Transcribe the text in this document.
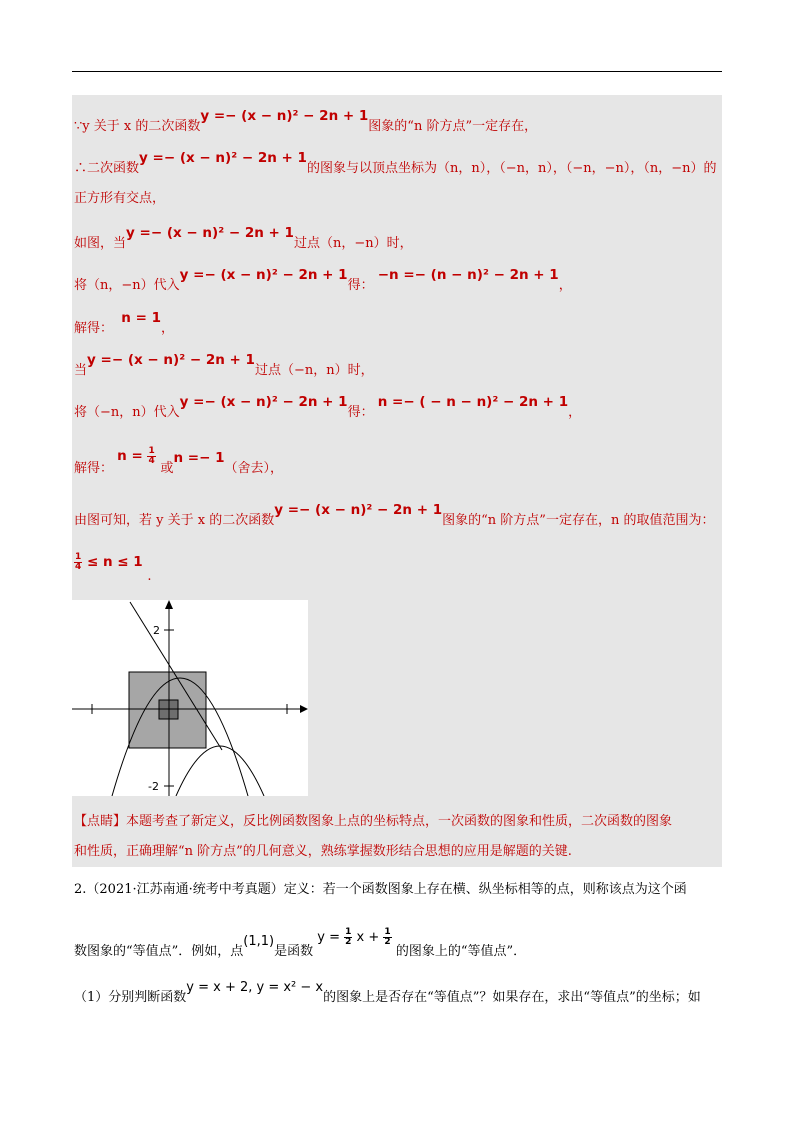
∵y 关于 x 的二次函数y =− (x − n)² − 2n + 1图象的“n 阶方点”一定存在，
∴二次函数y =− (x − n)² − 2n + 1的图象与以顶点坐标为（n，n），（−n，n），（−n，−n），（n，−n）的
正方形有交点，
如图，当y =− (x − n)² − 2n + 1过点（n，−n）时，
将（n，−n）代入y =− (x − n)² − 2n + 1得： −n =− (n − n)² − 2n + 1，
解得：  n = 1，
当y =− (x − n)² − 2n + 1过点（−n，n）时，
将（−n，n）代入y =− (x − n)² − 2n + 1得： n =− ( − n − n)² − 2n + 1，
解得： $n = \frac{1}{4}$
或n =− 1（舍去），
由图可知，若 y 关于 x 的二次函数y =− (x − n)² − 2n + 1图象的“n 阶方点”一定存在，n 的取值范围为：
$\frac{1}{4} \le n \le 1$ .
2
-2
【点睛】本题考查了新定义，反比例函数图象上点的坐标特点，一次函数的图象和性质，二次函数的图象
和性质，正确理解“n 阶方点”的几何意义，熟练掌握数形结合思想的应用是解题的关键.
2.（2021·江苏南通·统考中考真题）定义：若一个函数图象上存在横、纵坐标相等的点，则称该点为这个函
数图象的“等值点”．例如，点(1,1)是函数 $y = \frac{1}{2}$ $x + \frac{1}{2}$
的图象上的“等值点”．
（1）分别判断函数y = x + 2, y = x² − x的图象上是否存在“等值点”？如果存在，求出“等值点”的坐标；如
